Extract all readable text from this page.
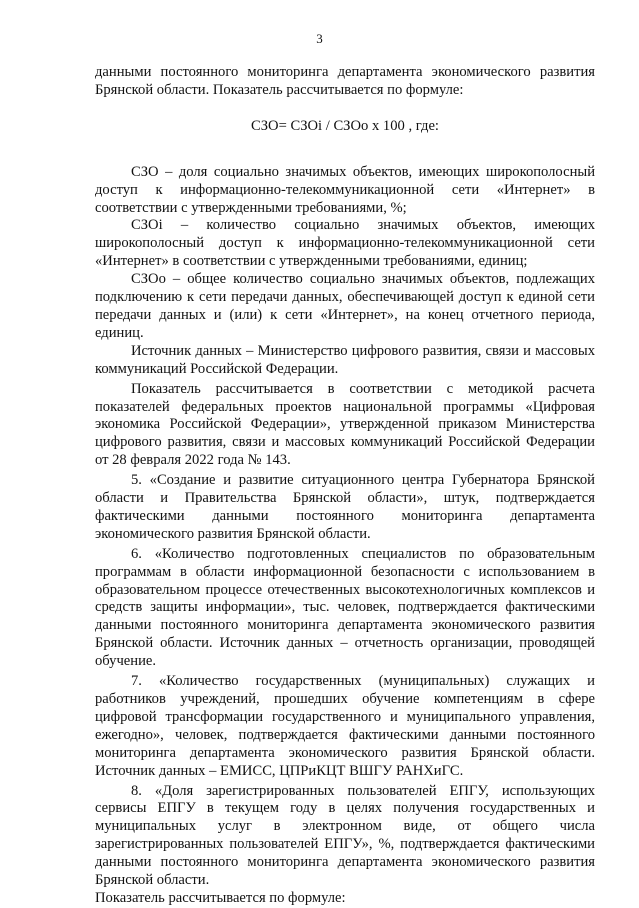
3

данными постоянного мониторинга департамента экономического развития Брянской области. Показатель рассчитывается по формуле:

СЗО= СЗОi / СЗОо х 100 , где:

СЗО – доля социально значимых объектов, имеющих широкополосный доступ к информационно-телекоммуникационной сети «Интернет» в соответствии с утвержденными требованиями, %;

СЗОi – количество социально значимых объектов, имеющих широкополосный доступ к информационно-телекоммуникационной сети «Интернет» в соответствии с утвержденными требованиями, единиц;

СЗОо – общее количество социально значимых объектов, подлежащих подключению к сети передачи данных, обеспечивающей доступ к единой сети передачи данных и (или) к сети «Интернет», на конец отчетного периода, единиц.

Источник данных – Министерство цифрового развития, связи и массовых коммуникаций Российской Федерации.

Показатель рассчитывается в соответствии с методикой расчета показателей федеральных проектов национальной программы «Цифровая экономика Российской Федерации», утвержденной приказом Министерства цифрового развития, связи и массовых коммуникаций Российской Федерации от 28 февраля 2022 года № 143.

5. «Создание и развитие ситуационного центра Губернатора Брянской области и Правительства Брянской области», штук, подтверждается фактическими данными постоянного мониторинга департамента экономического развития Брянской области.

6. «Количество подготовленных специалистов по образовательным программам в области информационной безопасности с использованием в образовательном процессе отечественных высокотехнологичных комплексов и средств защиты информации», тыс. человек, подтверждается фактическими данными постоянного мониторинга департамента экономического развития Брянской области. Источник данных – отчетность организации, проводящей обучение.

7. «Количество государственных (муниципальных) служащих и работников учреждений, прошедших обучение компетенциям в сфере цифровой трансформации государственного и муниципального управления, ежегодно», человек, подтверждается фактическими данными постоянного мониторинга департамента экономического развития Брянской области. Источник данных – ЕМИСС, ЦПРиКЦТ ВШГУ РАНХиГС.

8. «Доля зарегистрированных пользователей ЕПГУ, использующих сервисы ЕПГУ в текущем году в целях получения государственных и муниципальных услуг в электронном виде, от общего числа зарегистрированных пользователей ЕПГУ», %, подтверждается фактическими данными постоянного мониторинга департамента экономического развития Брянской области.

Показатель рассчитывается по формуле:
